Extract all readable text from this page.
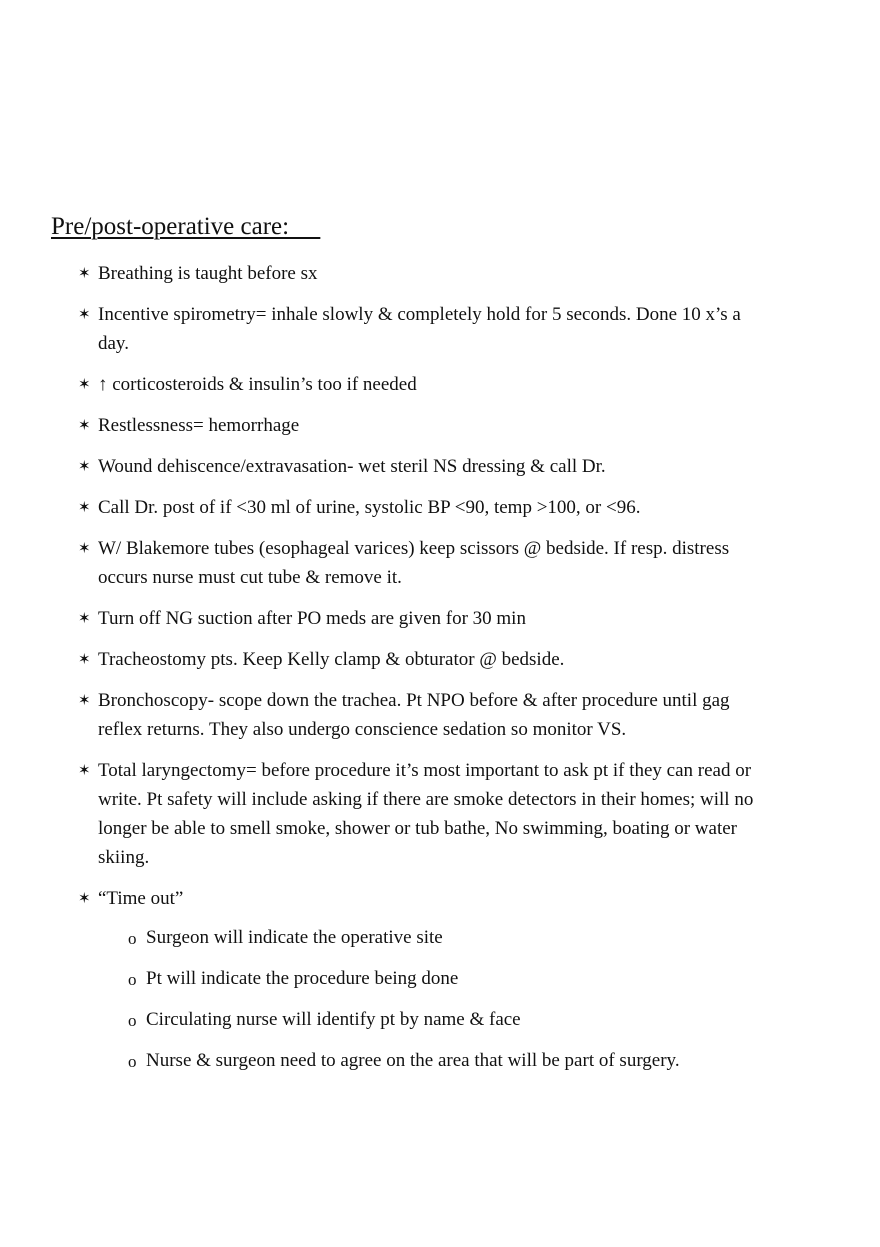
Pre/post-operative care:
✶ Breathing is taught before sx
✶ Incentive spirometry= inhale slowly & completely hold for 5 seconds. Done 10 x’s a day.
✶ ↑ corticosteroids & insulin’s too if needed
✶ Restlessness= hemorrhage
✶ Wound dehiscence/extravasation- wet steril NS dressing & call Dr.
✶ Call Dr. post of if <30 ml of urine, systolic BP <90, temp >100, or <96.
✶ W/ Blakemore tubes (esophageal varices) keep scissors @ bedside. If resp. distress occurs nurse must cut tube & remove it.
✶ Turn off NG suction after PO meds are given for 30 min
✶ Tracheostomy pts. Keep Kelly clamp & obturator @ bedside.
✶ Bronchoscopy- scope down the trachea. Pt NPO before & after procedure until gag reflex returns. They also undergo conscience sedation so monitor VS.
✶ Total laryngectomy= before procedure it’s most important to ask pt if they can read or write. Pt safety will include asking if there are smoke detectors in their homes; will no longer be able to smell smoke, shower or tub bathe, No swimming, boating or water skiing.
✶ “Time out”
o Surgeon will indicate the operative site
o Pt will indicate the procedure being done
o Circulating nurse will identify pt by name & face
o Nurse & surgeon need to agree on the area that will be part of surgery.
